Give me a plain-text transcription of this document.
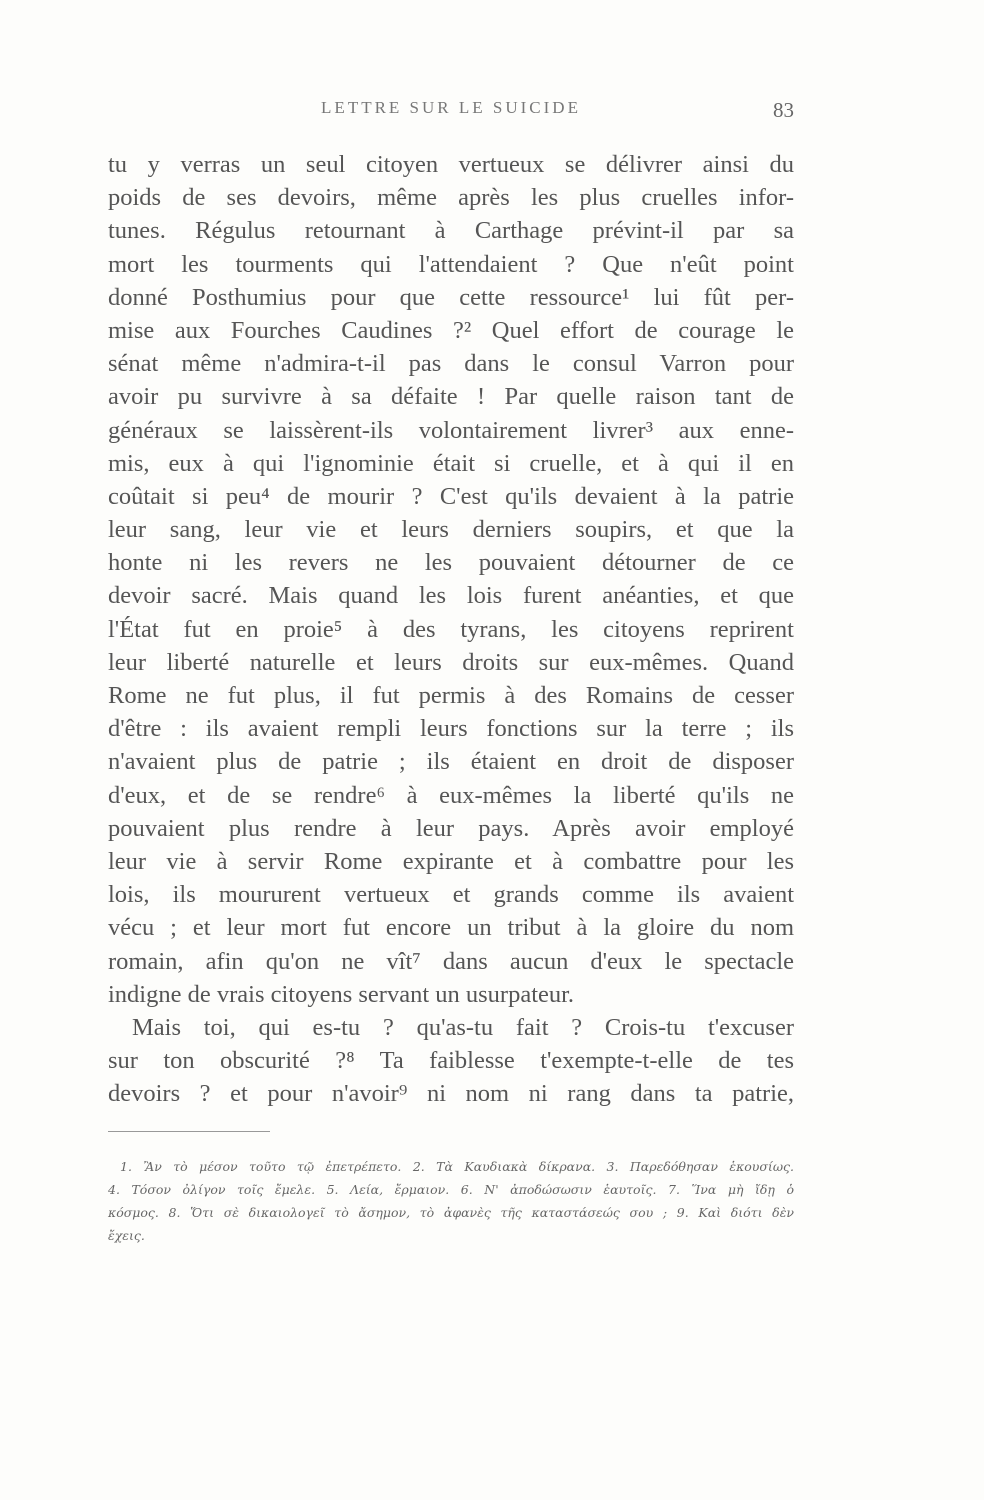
LETTRE SUR LE SUICIDE	83
tu y verras un seul citoyen vertueux se délivrer ainsi du
poids de ses devoirs, même après les plus cruelles infor-
tunes. Régulus retournant à Carthage prévint-il par sa
mort les tourments qui l'attendaient ? Que n'eût point
donné Posthumius pour que cette ressource¹ lui fût per-
mise aux Fourches Caudines ?² Quel effort de courage le
sénat même n'admira-t-il pas dans le consul Varron pour
avoir pu survivre à sa défaite ! Par quelle raison tant de
généraux se laissèrent-ils volontairement livrer³ aux enne-
mis, eux à qui l'ignominie était si cruelle, et à qui il en
coûtait si peu⁴ de mourir ? C'est qu'ils devaient à la patrie
leur sang, leur vie et leurs derniers soupirs, et que la
honte ni les revers ne les pouvaient détourner de ce
devoir sacré. Mais quand les lois furent anéanties, et que
l'État fut en proie⁵ à des tyrans, les citoyens reprirent
leur liberté naturelle et leurs droits sur eux-mêmes. Quand
Rome ne fut plus, il fut permis à des Romains de cesser
d'être : ils avaient rempli leurs fonctions sur la terre ; ils
n'avaient plus de patrie ; ils étaient en droit de disposer
d'eux, et de se rendre⁶ à eux-mêmes la liberté qu'ils ne
pouvaient plus rendre à leur pays. Après avoir employé
leur vie à servir Rome expirante et à combattre pour les
lois, ils moururent vertueux et grands comme ils avaient
vécu ; et leur mort fut encore un tribut à la gloire du nom
romain, afin qu'on ne vît⁷ dans aucun d'eux le spectacle
indigne de vrais citoyens servant un usurpateur.
Mais toi, qui es-tu ? qu'as-tu fait ? Crois-tu t'excuser
sur ton obscurité ?⁸ Ta faiblesse t'exempte-t-elle de tes
devoirs ? et pour n'avoir⁹ ni nom ni rang dans ta patrie,
1. Ἂν τὸ μέσον τοῦτο τῷ ἐπετρέπετο. 2. Τὰ Καυδιακὰ δίκρανα. 3. Παρεδόθησαν ἑκουσίως.
4. Τόσον ὀλίγον τοῖς ἔμελε. 5. Λεία, ἔρμαιον. 6. Ν' ἀποδώσωσιν ἑαυτοῖς. 7. Ἵνα μὴ ἴδῃ ὁ
κόσμος. 8. Ὅτι σὲ δικαιολογεῖ τὸ ἄσημον, τὸ ἀφανὲς τῆς καταστάσεώς σου ; 9. Καὶ διότι δὲν
ἔχεις.
